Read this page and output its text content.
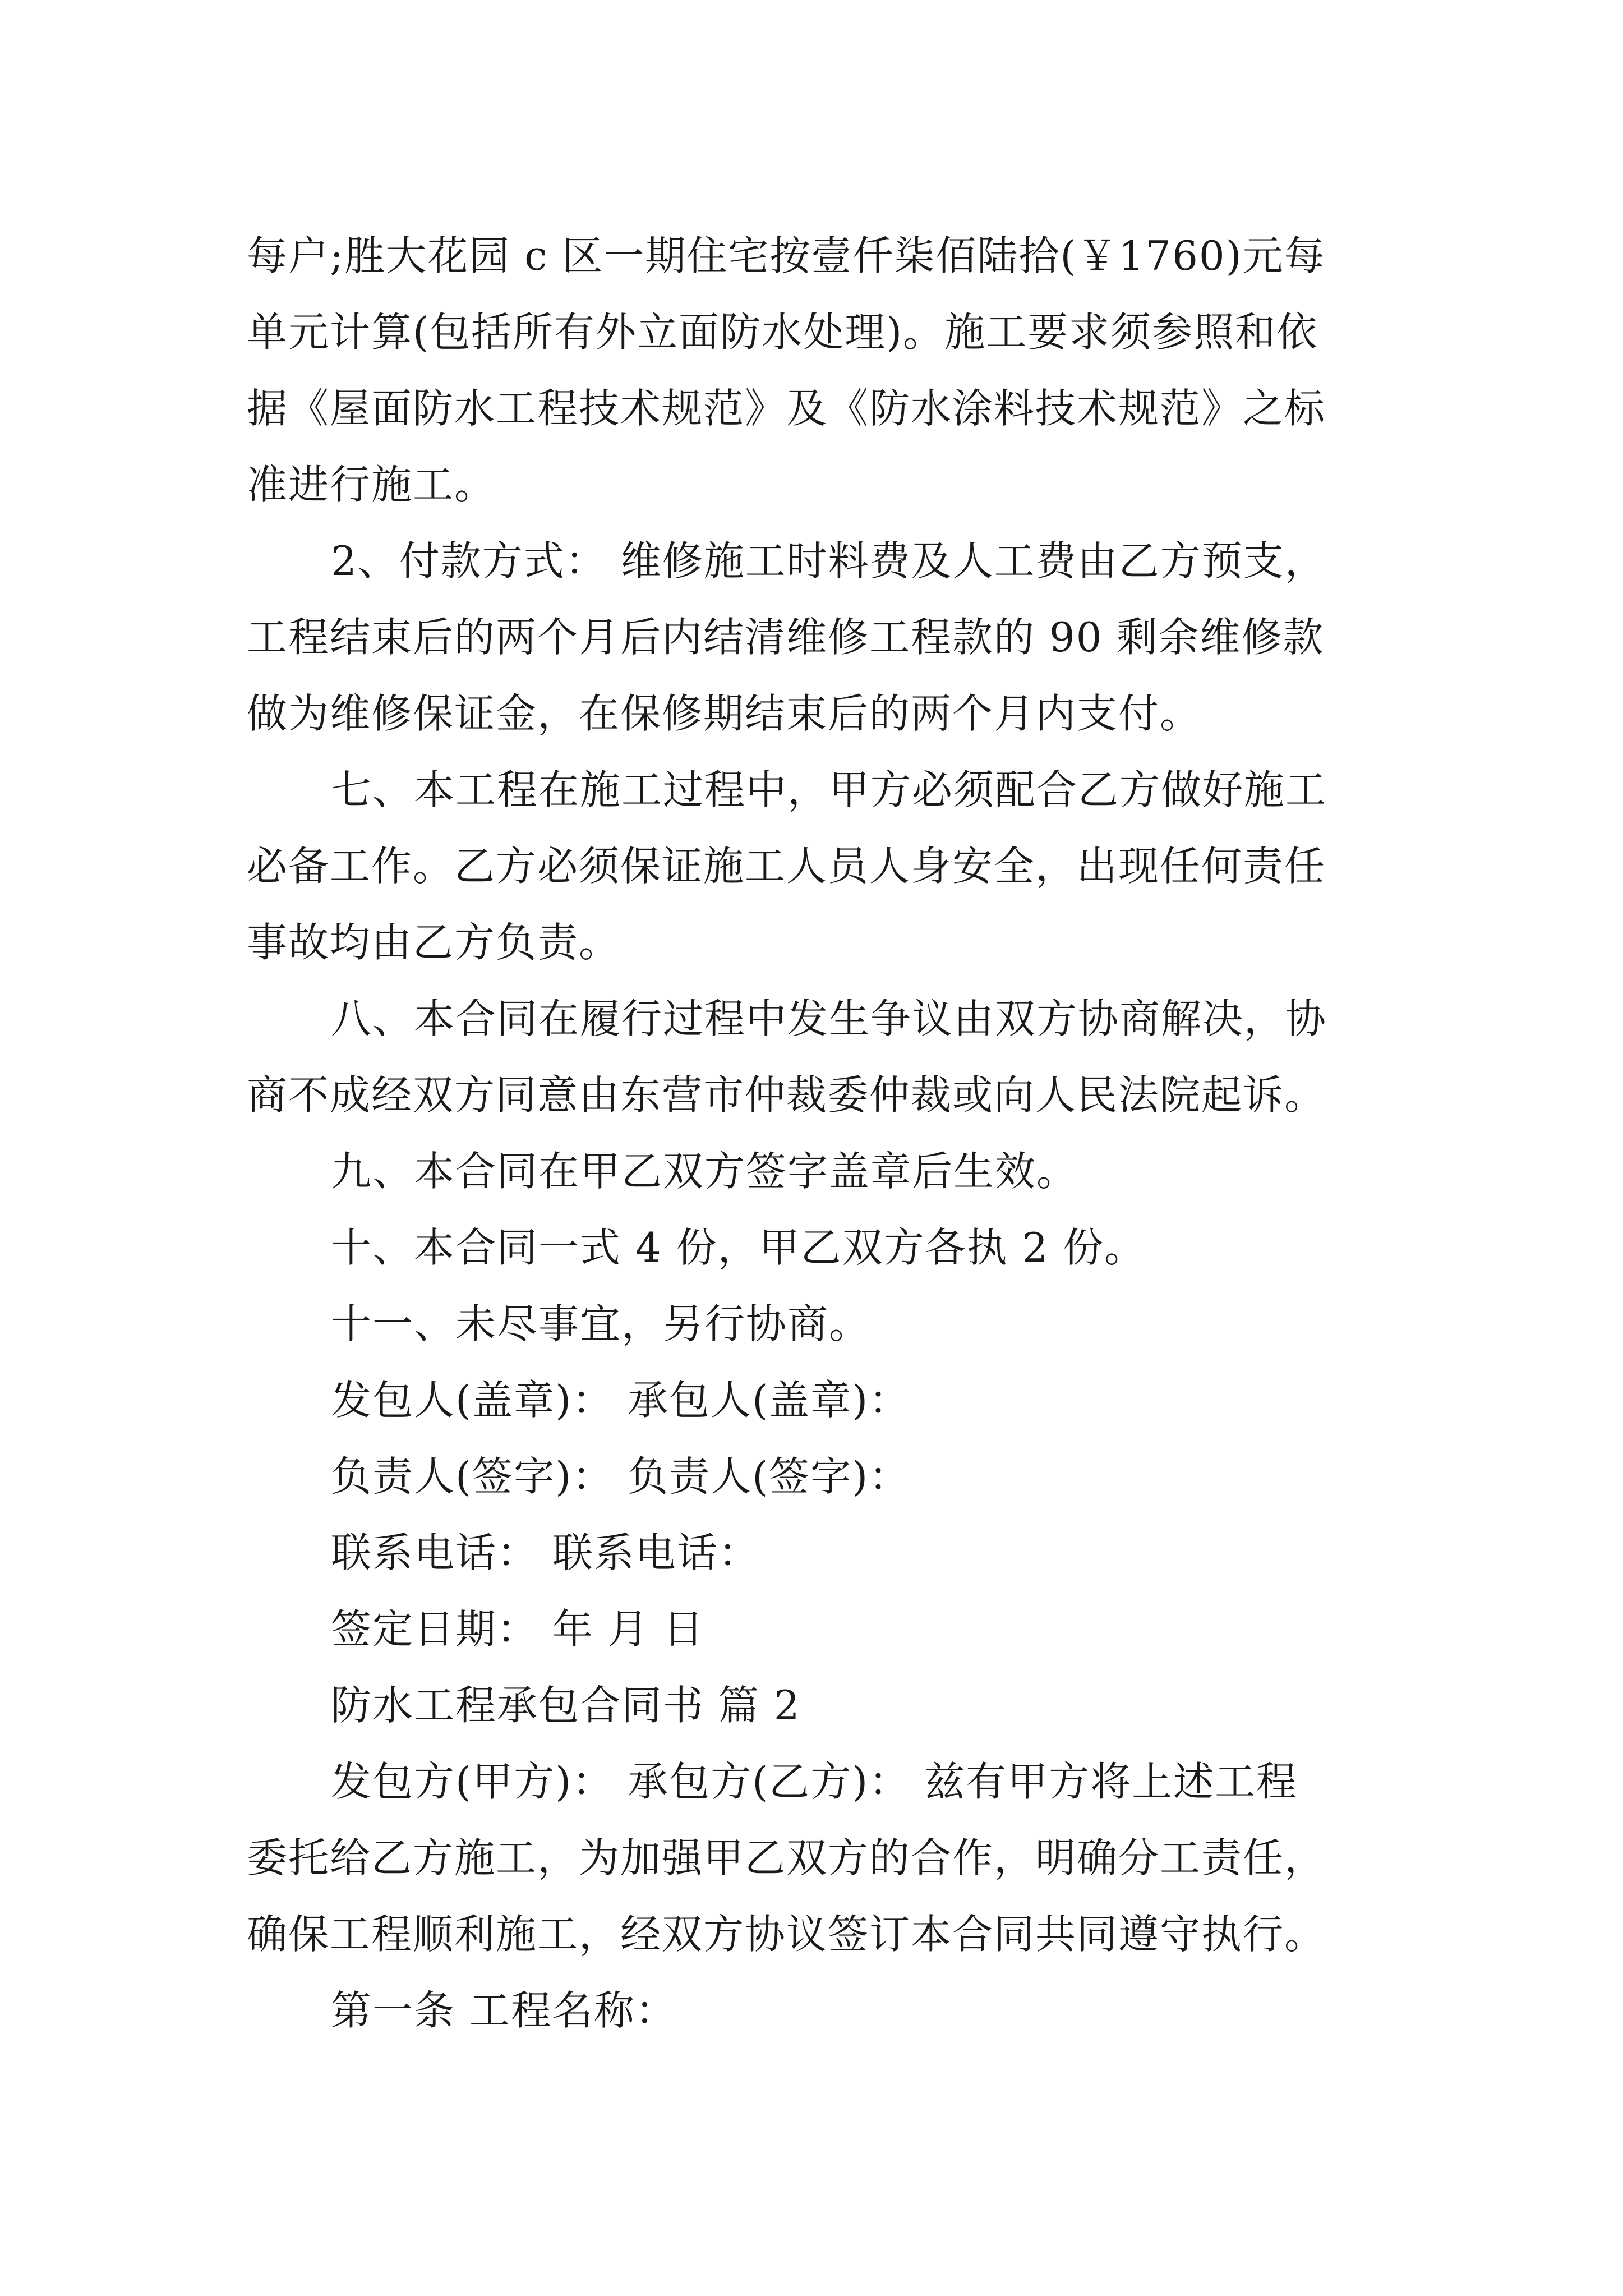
每户;胜大花园 c 区一期住宅按壹仟柒佰陆拾(￥1760)元每
单元计算(包括所有外立面防水处理)。施工要求须参照和依
据《屋面防水工程技术规范》及《防水涂料技术规范》之标
准进行施工。
2、付款方式： 维修施工时料费及人工费由乙方预支，
工程结束后的两个月后内结清维修工程款的 90 剩余维修款
做为维修保证金，在保修期结束后的两个月内支付。
七、本工程在施工过程中，甲方必须配合乙方做好施工
必备工作。乙方必须保证施工人员人身安全，出现任何责任
事故均由乙方负责。
八、本合同在履行过程中发生争议由双方协商解决，协
商不成经双方同意由东营市仲裁委仲裁或向人民法院起诉。
九、本合同在甲乙双方签字盖章后生效。
十、本合同一式 4 份，甲乙双方各执 2 份。
十一、未尽事宜，另行协商。
发包人(盖章)： 承包人(盖章)：
负责人(签字)： 负责人(签字)：
联系电话： 联系电话：
签定日期： 年 月 日
防水工程承包合同书 篇 2
发包方(甲方)： 承包方(乙方)： 兹有甲方将上述工程
委托给乙方施工，为加强甲乙双方的合作，明确分工责任，
确保工程顺利施工，经双方协议签订本合同共同遵守执行。
第一条 工程名称：
